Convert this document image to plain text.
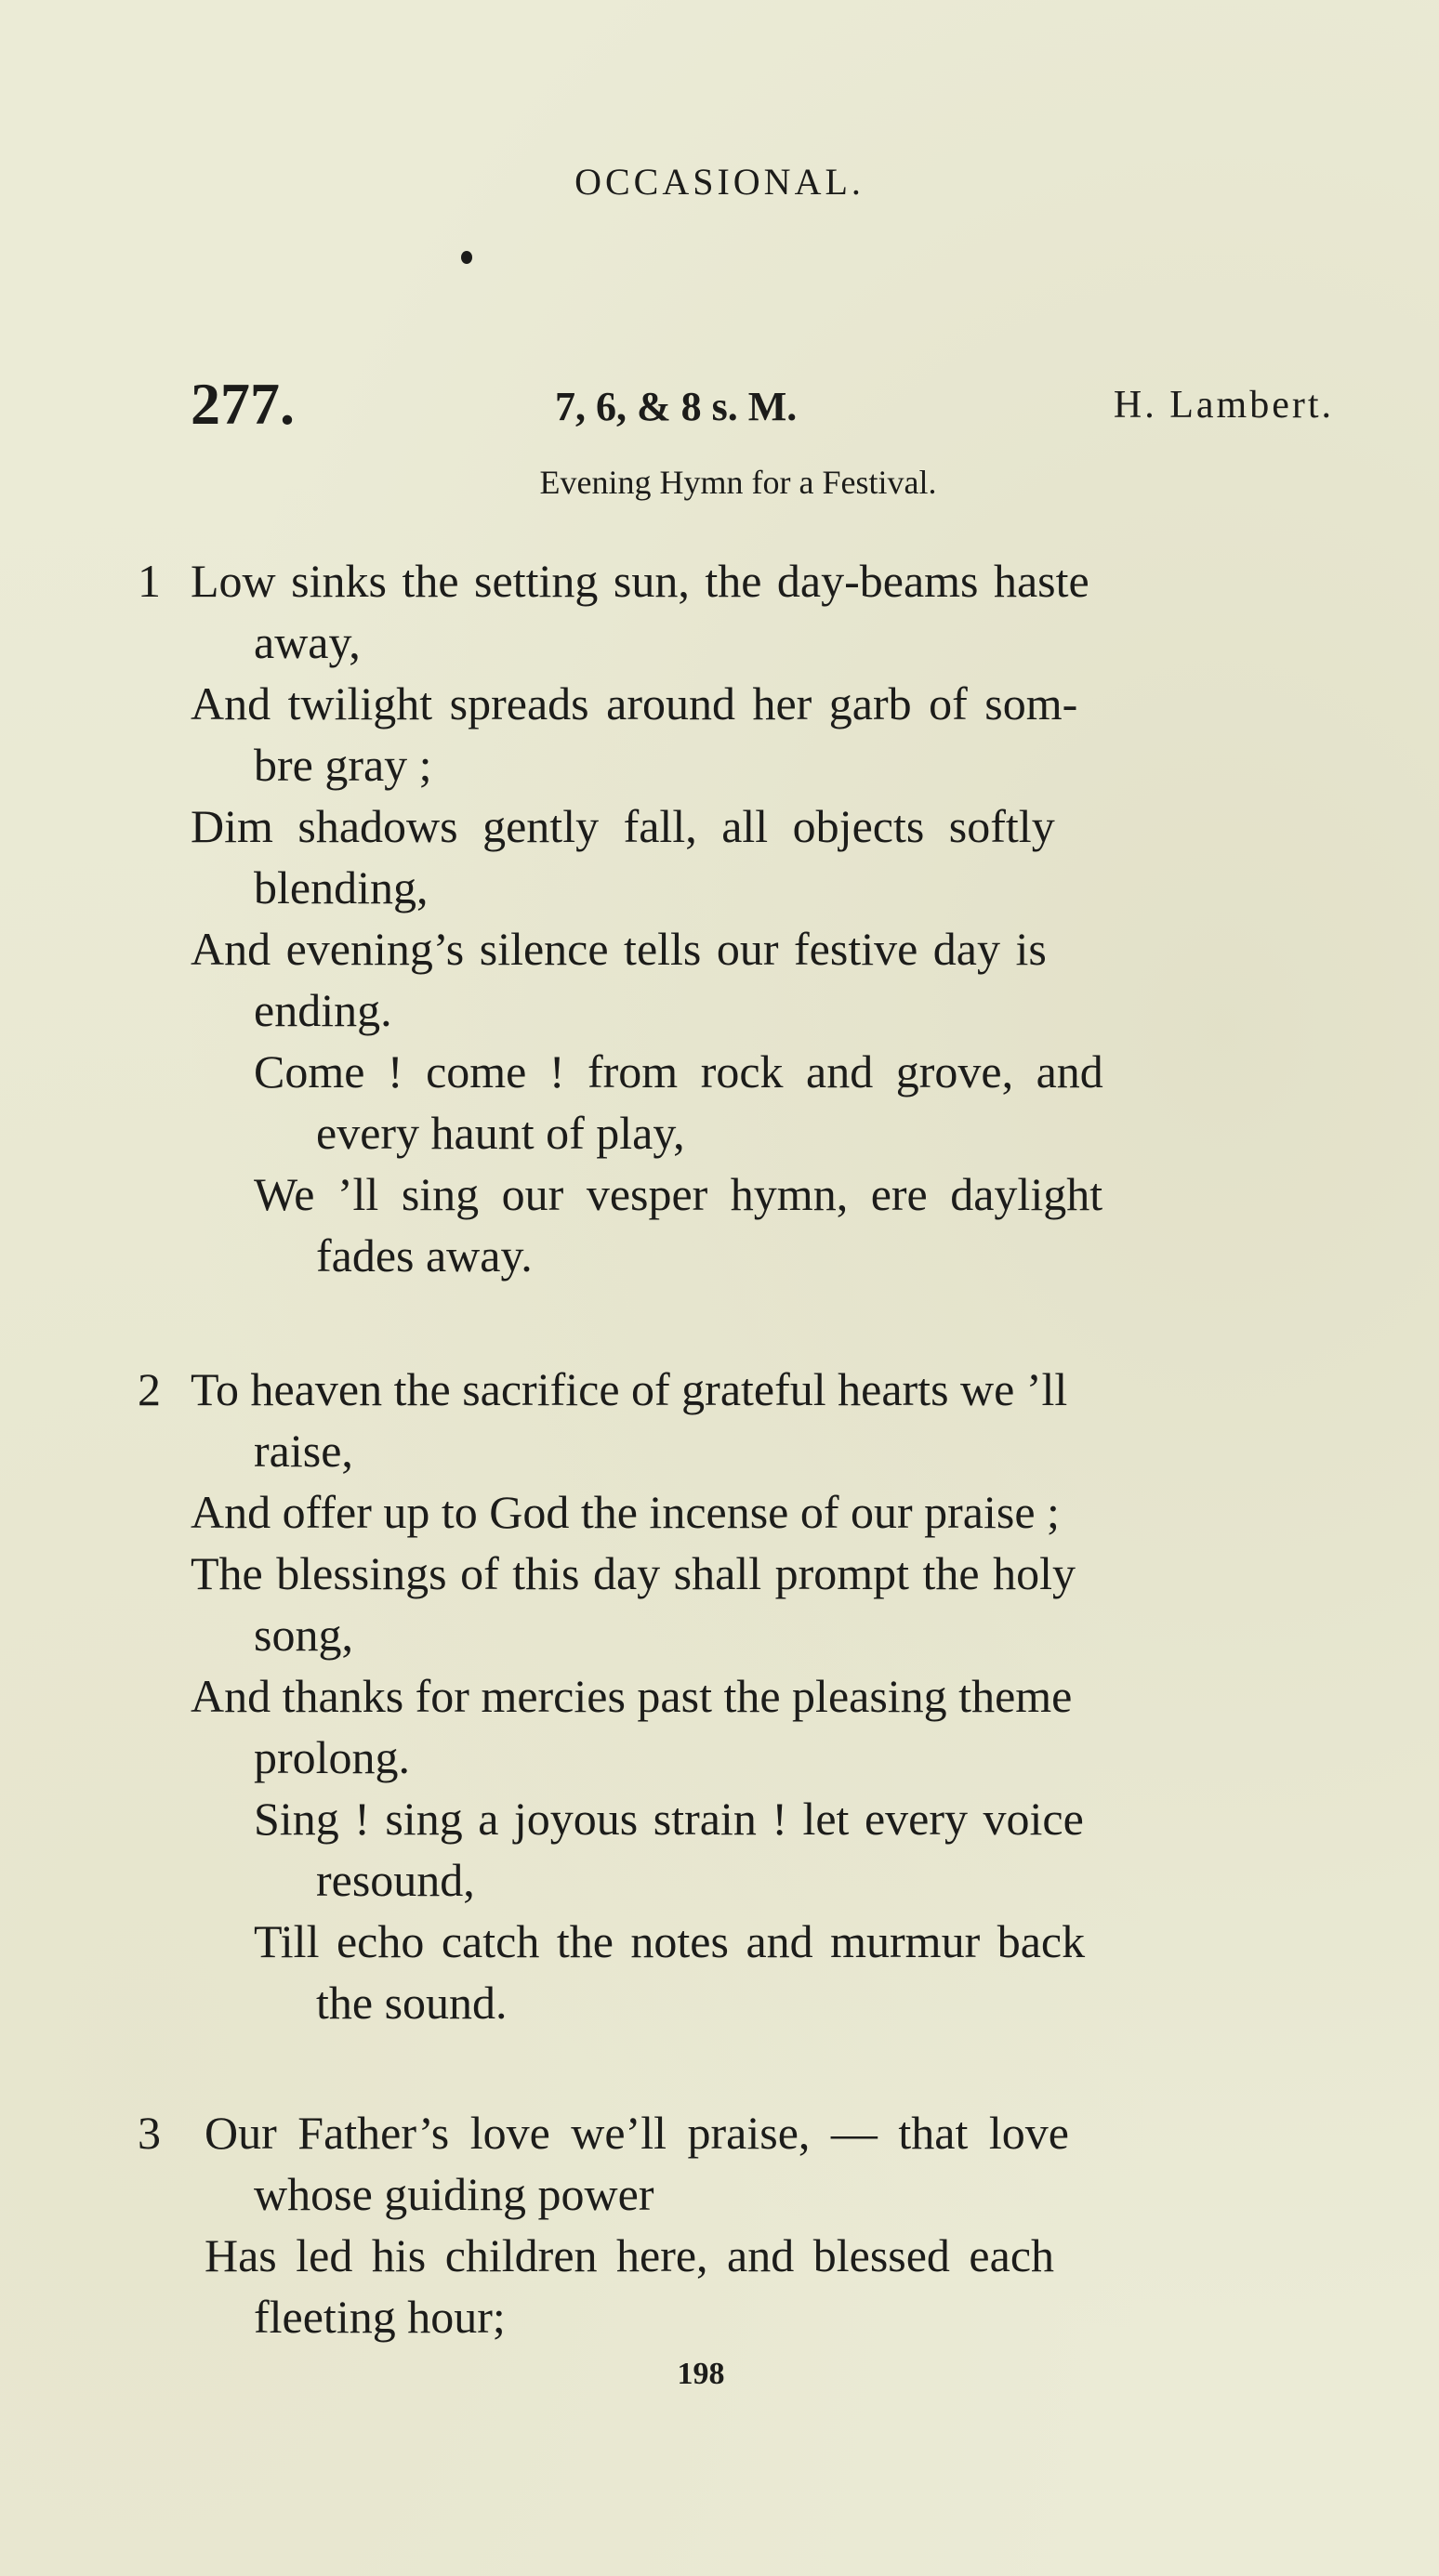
OCCASIONAL.
277.	7, 6, & 8 s. M.	H. Lambert.
Evening Hymn for a Festival.
1 Low sinks the setting sun, the day-beams haste
away,
And twilight spreads around her garb of som-
bre gray ;
Dim shadows gently fall, all objects softly
blending,
And evening’s silence tells our festive day is
ending.
Come ! come ! from rock and grove, and
every haunt of play,
We ’ll sing our vesper hymn, ere daylight
fades away.
2 To heaven the sacrifice of grateful hearts we ’ll
raise,
And offer up to God the incense of our praise ;
The blessings of this day shall prompt the holy
song,
And thanks for mercies past the pleasing theme
prolong.
Sing ! sing a joyous strain ! let every voice
resound,
Till echo catch the notes and murmur back
the sound.
3 Our Father’s love we’ll praise, — that love
whose guiding power
Has led his children here, and blessed each
fleeting hour;
198
